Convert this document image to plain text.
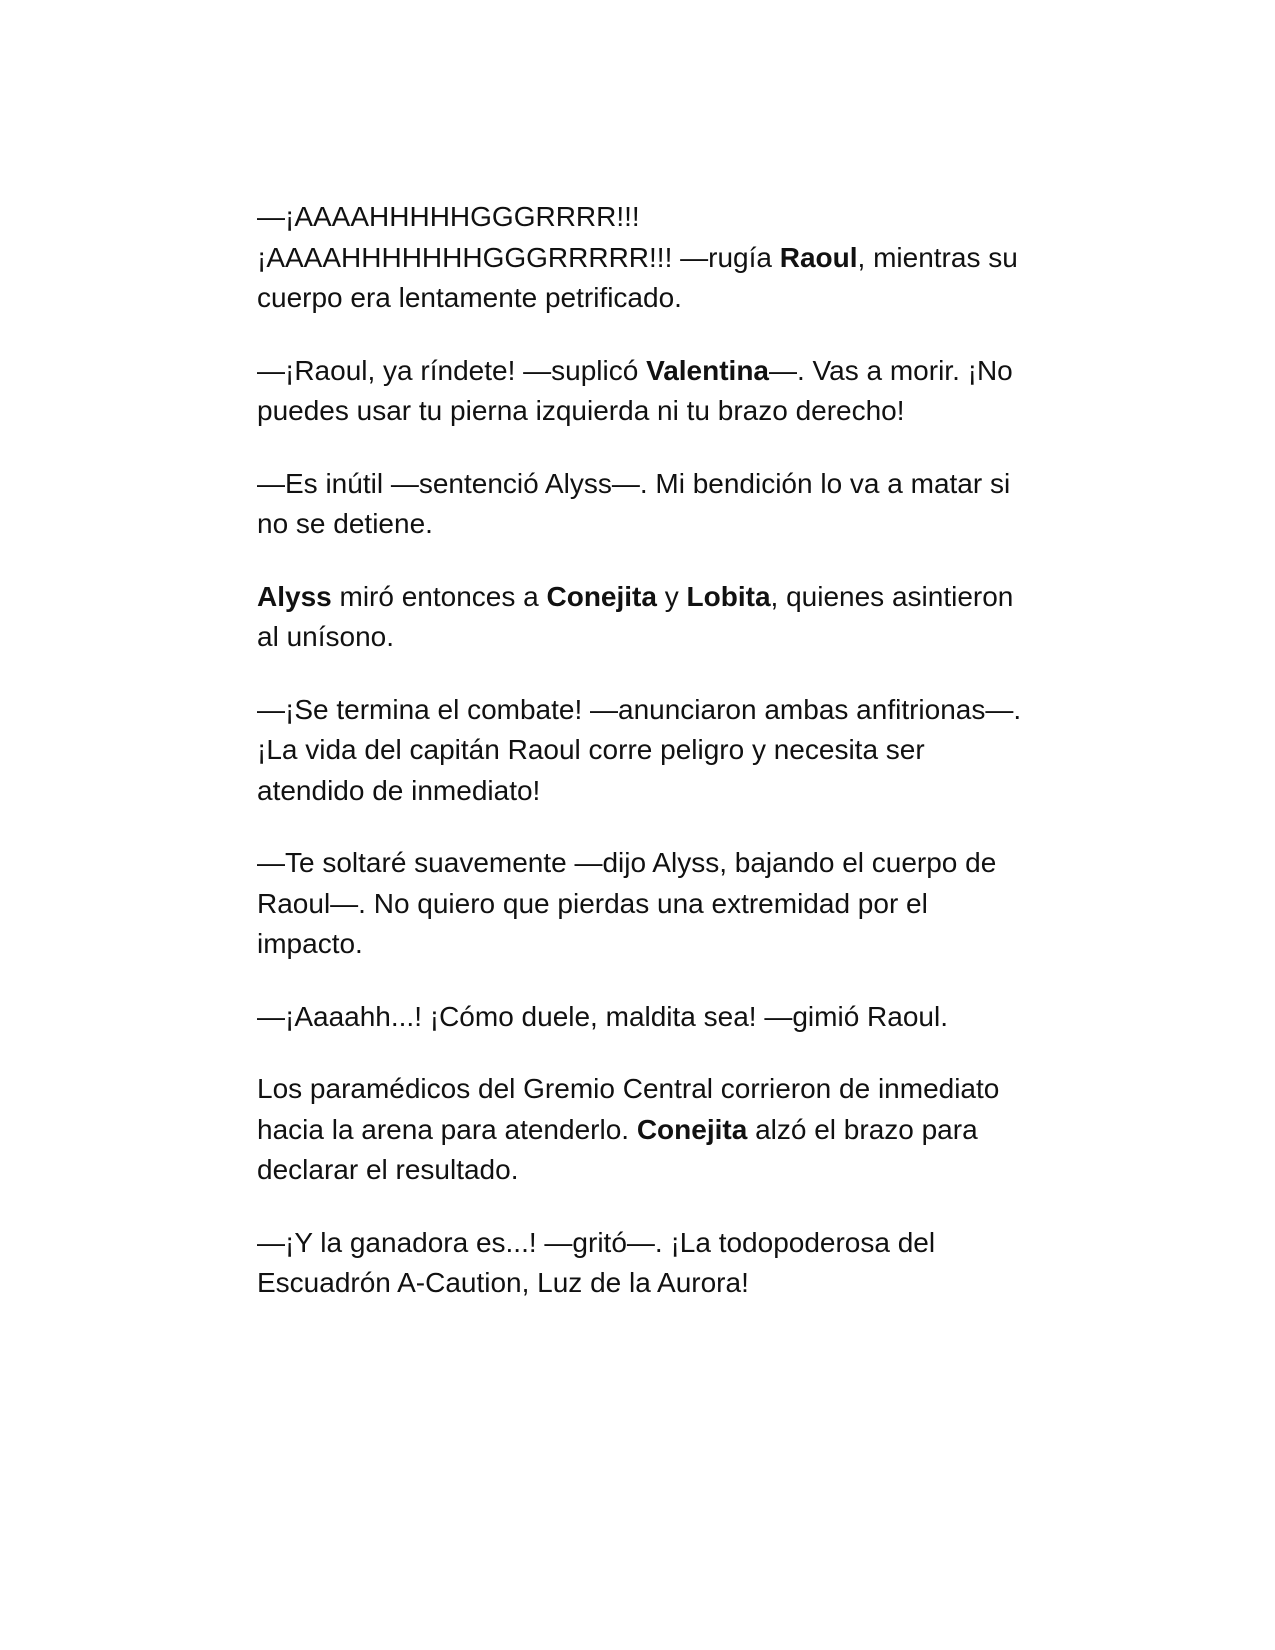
—¡AAAAHHHHHGGGRRRR!!! ¡AAAAHHHHHHHGGGRRRRR!!! —rugía Raoul, mientras su cuerpo era lentamente petrificado.

—¡Raoul, ya ríndete! —suplicó Valentina—. Vas a morir. ¡No puedes usar tu pierna izquierda ni tu brazo derecho!

—Es inútil —sentenció Alyss—. Mi bendición lo va a matar si no se detiene.

Alyss miró entonces a Conejita y Lobita, quienes asintieron al unísono.

—¡Se termina el combate! —anunciaron ambas anfitrionas—. ¡La vida del capitán Raoul corre peligro y necesita ser atendido de inmediato!

—Te soltaré suavemente —dijo Alyss, bajando el cuerpo de Raoul—. No quiero que pierdas una extremidad por el impacto.

—¡Aaaahh...! ¡Cómo duele, maldita sea! —gimió Raoul.

Los paramédicos del Gremio Central corrieron de inmediato hacia la arena para atenderlo. Conejita alzó el brazo para declarar el resultado.

—¡Y la ganadora es...! —gritó—. ¡La todopoderosa del Escuadrón A-Caution, Luz de la Aurora!
